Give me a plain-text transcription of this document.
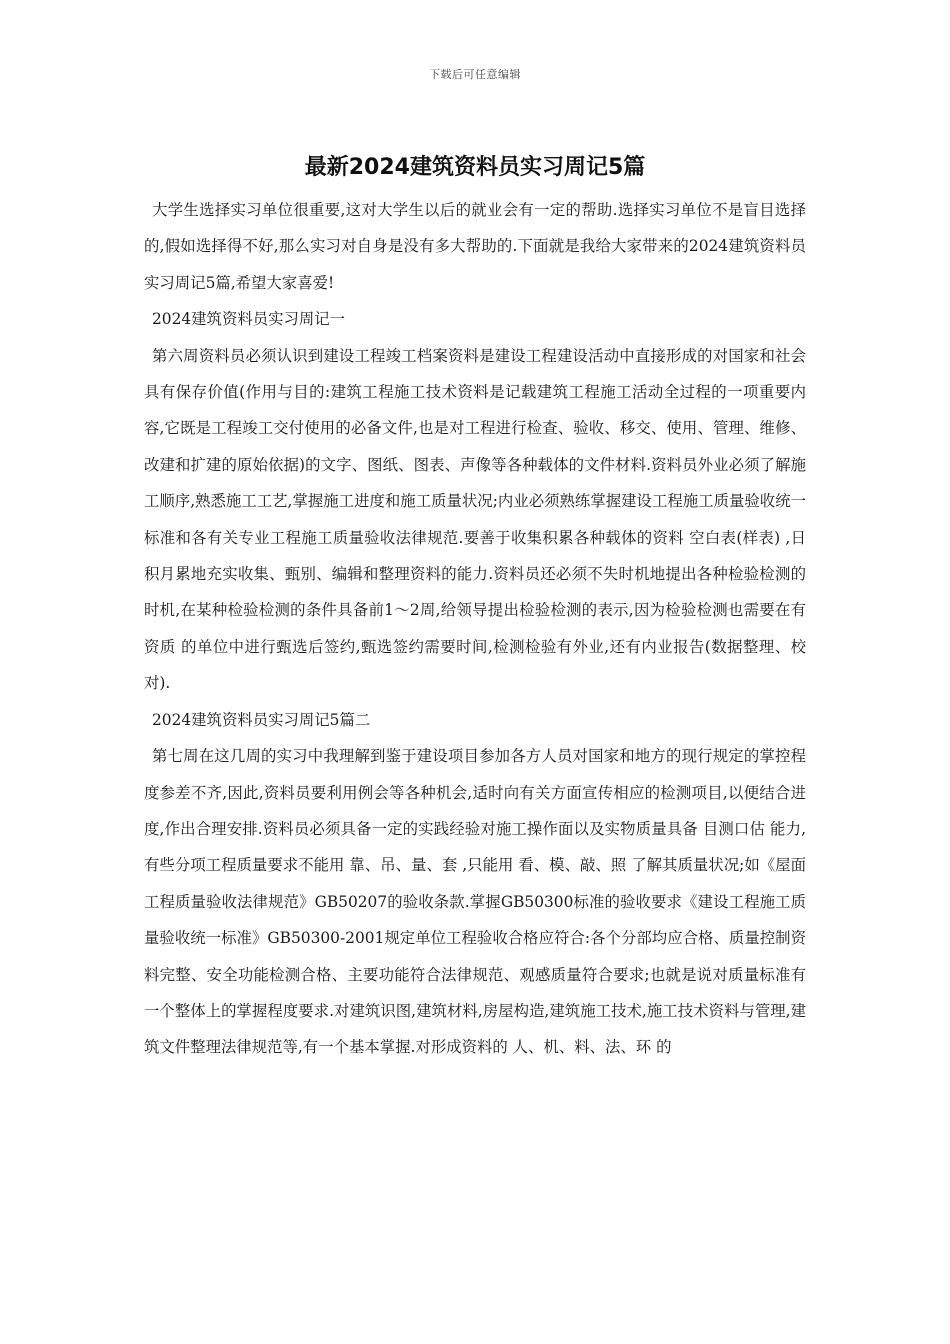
下载后可任意编辑
最新2024建筑资料员实习周记5篇

大学生选择实习单位很重要,这对大学生以后的就业会有一定的帮助.选择实习单位不是盲目选择的,假如选择得不好,那么实习对自身是没有多大帮助的.下面就是我给大家带来的2024建筑资料员实习周记5篇,希望大家喜爱!

2024建筑资料员实习周记一

第六周资料员必须认识到建设工程竣工档案资料是建设工程建设活动中直接形成的对国家和社会具有保存价值(作用与目的:建筑工程施工技术资料是记载建筑工程施工活动全过程的一项重要内容,它既是工程竣工交付使用的必备文件,也是对工程进行检查、验收、移交、使用、管理、维修、改建和扩建的原始依据)的文字、图纸、图表、声像等各种载体的文件材料.资料员外业必须了解施工顺序,熟悉施工工艺,掌握施工进度和施工质量状况;内业必须熟练掌握建设工程施工质量验收统一标准和各有关专业工程施工质量验收法律规范.要善于收集积累各种载体的资料 空白表(样表) ,日积月累地充实收集、甄别、编辑和整理资料的能力.资料员还必须不失时机地提出各种检验检测的时机,在某种检验检测的条件具备前1～2周,给领导提出检验检测的表示,因为检验检测也需要在有资质 的单位中进行甄选后签约,甄选签约需要时间,检测检验有外业,还有内业报告(数据整理、校对).

2024建筑资料员实习周记5篇二

第七周在这几周的实习中我理解到鉴于建设项目参加各方人员对国家和地方的现行规定的掌控程度参差不齐,因此,资料员要利用例会等各种机会,适时向有关方面宣传相应的检测项目,以便结合进度,作出合理安排.资料员必须具备一定的实践经验对施工操作面以及实物质量具备 目测口估 能力,有些分项工程质量要求不能用 靠、吊、量、套 ,只能用 看、模、敲、照 了解其质量状况;如《屋面工程质量验收法律规范》GB50207的验收条款.掌握GB50300标准的验收要求《建设工程施工质量验收统一标准》GB50300-2001规定单位工程验收合格应符合:各个分部均应合格、质量控制资料完整、安全功能检测合格、主要功能符合法律规范、观感质量符合要求;也就是说对质量标准有一个整体上的掌握程度要求.对建筑识图,建筑材料,房屋构造,建筑施工技术,施工技术资料与管理,建筑文件整理法律规范等,有一个基本掌握.对形成资料的 人、机、料、法、环 的
